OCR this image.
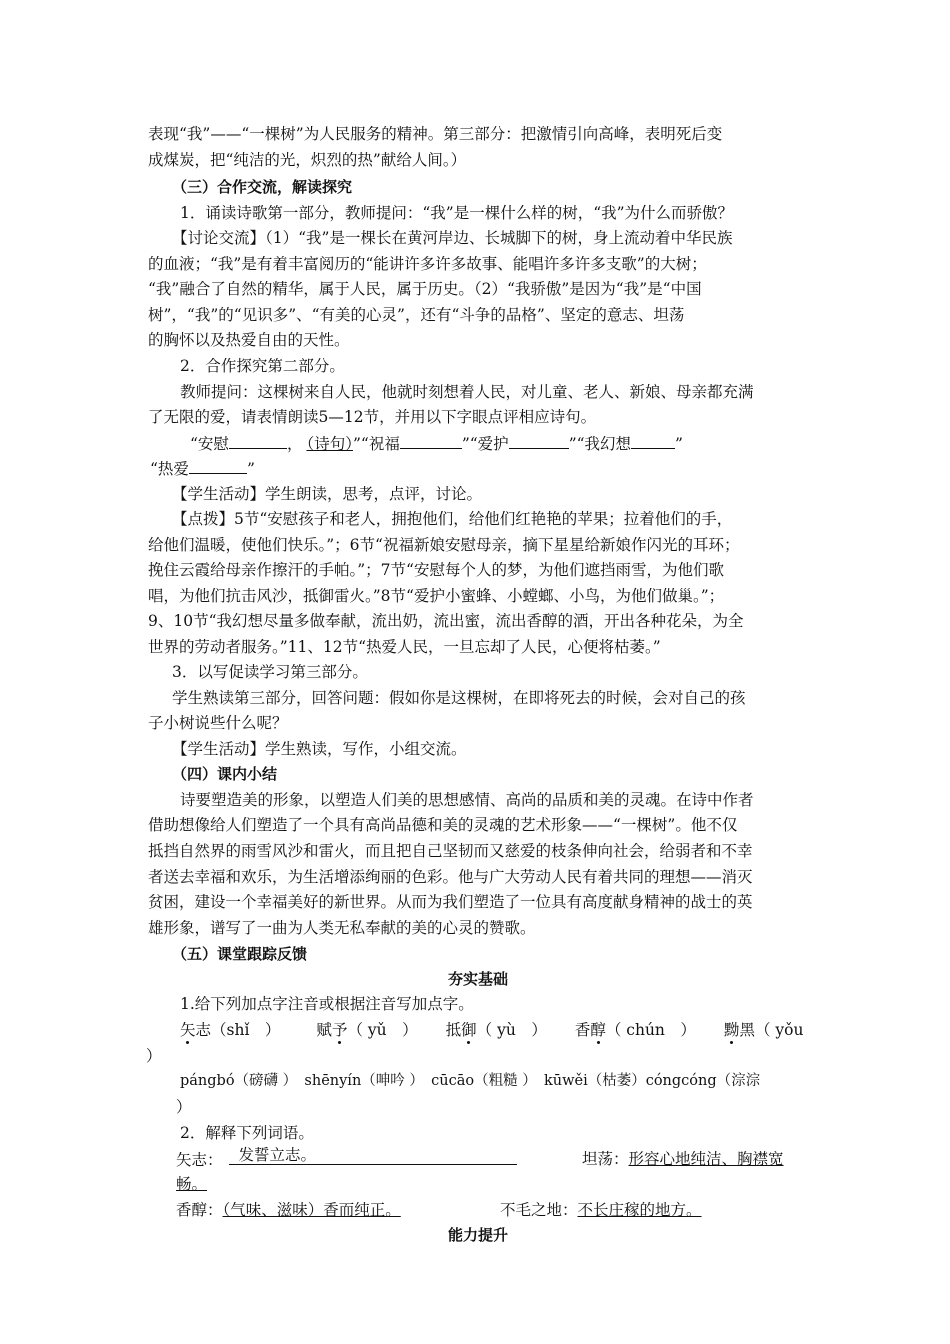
表现“我”——“一棵树”为人民服务的精神。第三部分：把激情引向高峰，表明死后变
成煤炭，把“纯洁的光，炽烈的热”献给人间。）
（三）合作交流，解读探究
1．诵读诗歌第一部分，教师提问：“我”是一棵什么样的树，“我”为什么而骄傲？
【讨论交流】（1）“我”是一棵长在黄河岸边、长城脚下的树，身上流动着中华民族
的血液；“我”是有着丰富阅历的“能讲许多许多故事、能唱许多许多支歌”的大树；
“我”融合了自然的精华，属于人民，属于历史。（2）“我骄傲”是因为“我”是“中国
树”，“我”的“见识多”、“有美的心灵”，还有“斗争的品格”、坚定的意志、坦荡
的胸怀以及热爱自由的天性。
2．合作探究第二部分。
教师提问：这棵树来自人民，他就时刻想着人民，对儿童、老人、新娘、母亲都充满
了无限的爱，请表情朗读5—12节，并用以下字眼点评相应诗句。
“安慰	， （诗句）”“祝福	”“爱护	”“我幻想	”
“热爱	”
【学生活动】学生朗读，思考，点评，讨论。
【点拨】5节“安慰孩子和老人，拥抱他们，给他们红艳艳的苹果；拉着他们的手，
给他们温暖，使他们快乐。”；6节“祝福新娘安慰母亲，摘下星星给新娘作闪光的耳环；
挽住云霞给母亲作擦汗的手帕。”；7节“安慰每个人的梦，为他们遮挡雨雪，为他们歌
唱，为他们抗击风沙，抵御雷火。”8节“爱护小蜜蜂、小螳螂、小鸟，为他们做巢。”；
9、10节“我幻想尽量多做奉献，流出奶，流出蜜，流出香醇的酒，开出各种花朵，为全
世界的劳动者服务。”11、12节“热爱人民，一旦忘却了人民，心便将枯萎。”
3．以写促读学习第三部分。
学生熟读第三部分，回答问题：假如你是这棵树，在即将死去的时候，会对自己的孩
子小树说些什么呢？
【学生活动】学生熟读，写作，小组交流。
（四）课内小结
诗要塑造美的形象，以塑造人们美的思想感情、高尚的品质和美的灵魂。在诗中作者
借助想像给人们塑造了一个具有高尚品德和美的灵魂的艺术形象——“一棵树”。他不仅
抵挡自然界的雨雪风沙和雷火，而且把自己坚韧而又慈爱的枝条伸向社会，给弱者和不幸
者送去幸福和欢乐，为生活增添绚丽的色彩。他与广大劳动人民有着共同的理想——消灭
贫困，建设一个幸福美好的新世界。从而为我们塑造了一位具有高度献身精神的战士的英
雄形象，谱写了一曲为人类无私奉献的美的心灵的赞歌。
（五）课堂跟踪反馈
夯实基础
1.给下列加点字注音或根据注音写加点字。
矢志（shǐ　） 赋予（ yǔ　） 抵御（ yù　） 香醇（ chún　） 黝黑（ yǒu
）
pángbó（磅礴 ）　shēnyín（呻吟 ）　cūcāo（粗糙 ）　kūwěi（枯萎）cóngcóng（淙淙
）
2．解释下列词语。
矢志： 发誓立志。	坦荡：形容心地纯洁、胸襟宽
畅。
香醇：（气味、滋味）香而纯正。	不毛之地：不长庄稼的地方。
能力提升
